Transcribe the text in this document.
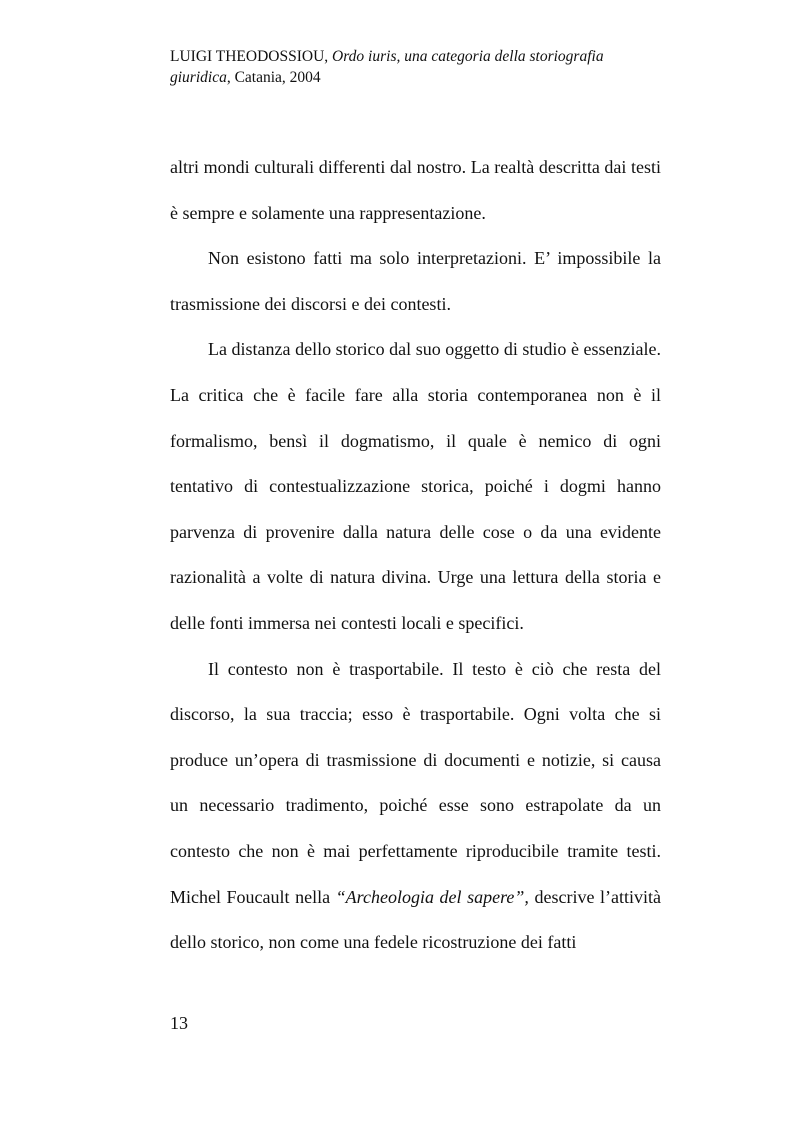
LUIGI THEODOSSIOU, Ordo iuris, una categoria della storiografia giuridica, Catania, 2004

altri mondi culturali differenti dal nostro. La realtà descritta dai testi è sempre e solamente una rappresentazione.

Non esistono fatti ma solo interpretazioni. E’ impossibile la trasmissione dei discorsi e dei contesti.

La distanza dello storico dal suo oggetto di studio è essenziale. La critica che è facile fare alla storia contemporanea non è il formalismo, bensì il dogmatismo, il quale è nemico di ogni tentativo di contestualizzazione storica, poiché i dogmi hanno parvenza di provenire dalla natura delle cose o da una evidente razionalità a volte di natura divina. Urge una lettura della storia e delle fonti immersa nei contesti locali e specifici.

Il contesto non è trasportabile. Il testo è ciò che resta del discorso, la sua traccia; esso è trasportabile. Ogni volta che si produce un’opera di trasmissione di documenti e notizie, si causa un necessario tradimento, poiché esse sono estrapolate da un contesto che non è mai perfettamente riproducibile tramite testi. Michel Foucault nella “Archeologia del sapere”, descrive l’attività dello storico, non come una fedele ricostruzione dei fatti

13
